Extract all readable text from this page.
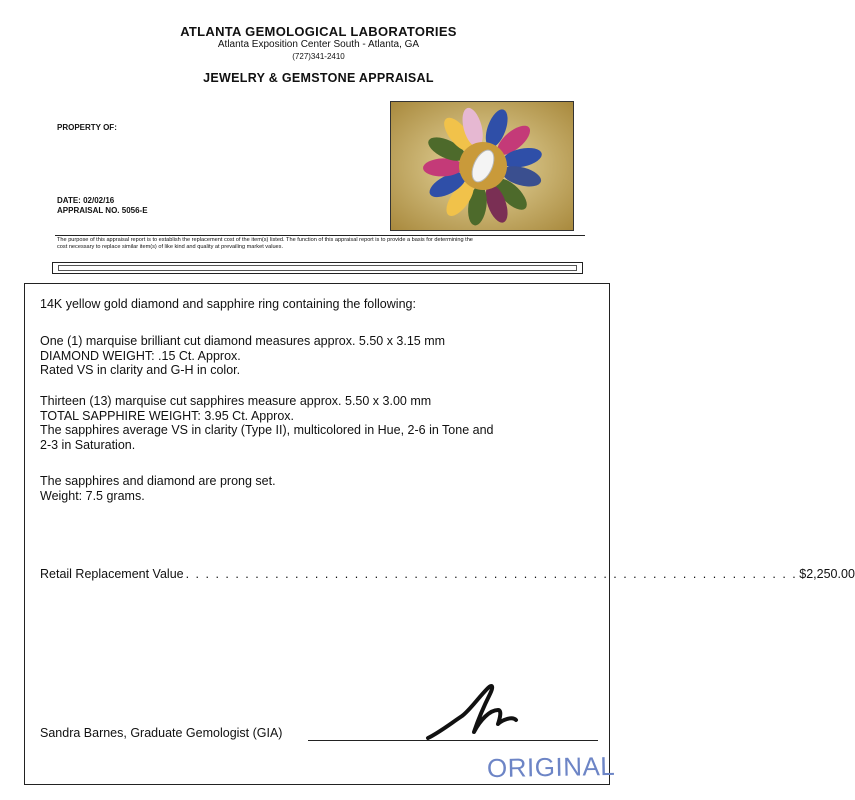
ATLANTA GEMOLOGICAL LABORATORIES
Atlanta Exposition Center South - Atlanta, GA
(727)341-2410
JEWELRY & GEMSTONE APPRAISAL
PROPERTY OF:
DATE: 02/02/16
APPRAISAL NO. 5056-E
The purpose of this appraisal report is to establish the replacement cost of the item(s) listed. The function of this appraisal report is to provide a basis for determining the
cost necessary to replace similar item(s) of like kind and quality at prevailing market values.
14K yellow gold diamond and sapphire ring containing the following:
One (1) marquise brilliant cut diamond measures approx. 5.50 x 3.15 mm
DIAMOND WEIGHT: .15 Ct. Approx.
Rated VS in clarity and G-H in color.
Thirteen (13) marquise cut sapphires measure approx. 5.50 x 3.00 mm
TOTAL SAPPHIRE WEIGHT: 3.95 Ct. Approx.
The sapphires average VS in clarity (Type II), multicolored in Hue, 2-6 in Tone and
2-3 in Saturation.
The sapphires and diamond are prong set.
Weight: 7.5 grams.
Retail Replacement Value . . . . . . . . . . . . . . . . . . . . . . . . . . . . . . . . . . . . . . . . . . . . . . . . . . . . . . . . . . . . . . $2,250.00
Sandra Barnes, Graduate Gemologist (GIA)
ORIGINAL
